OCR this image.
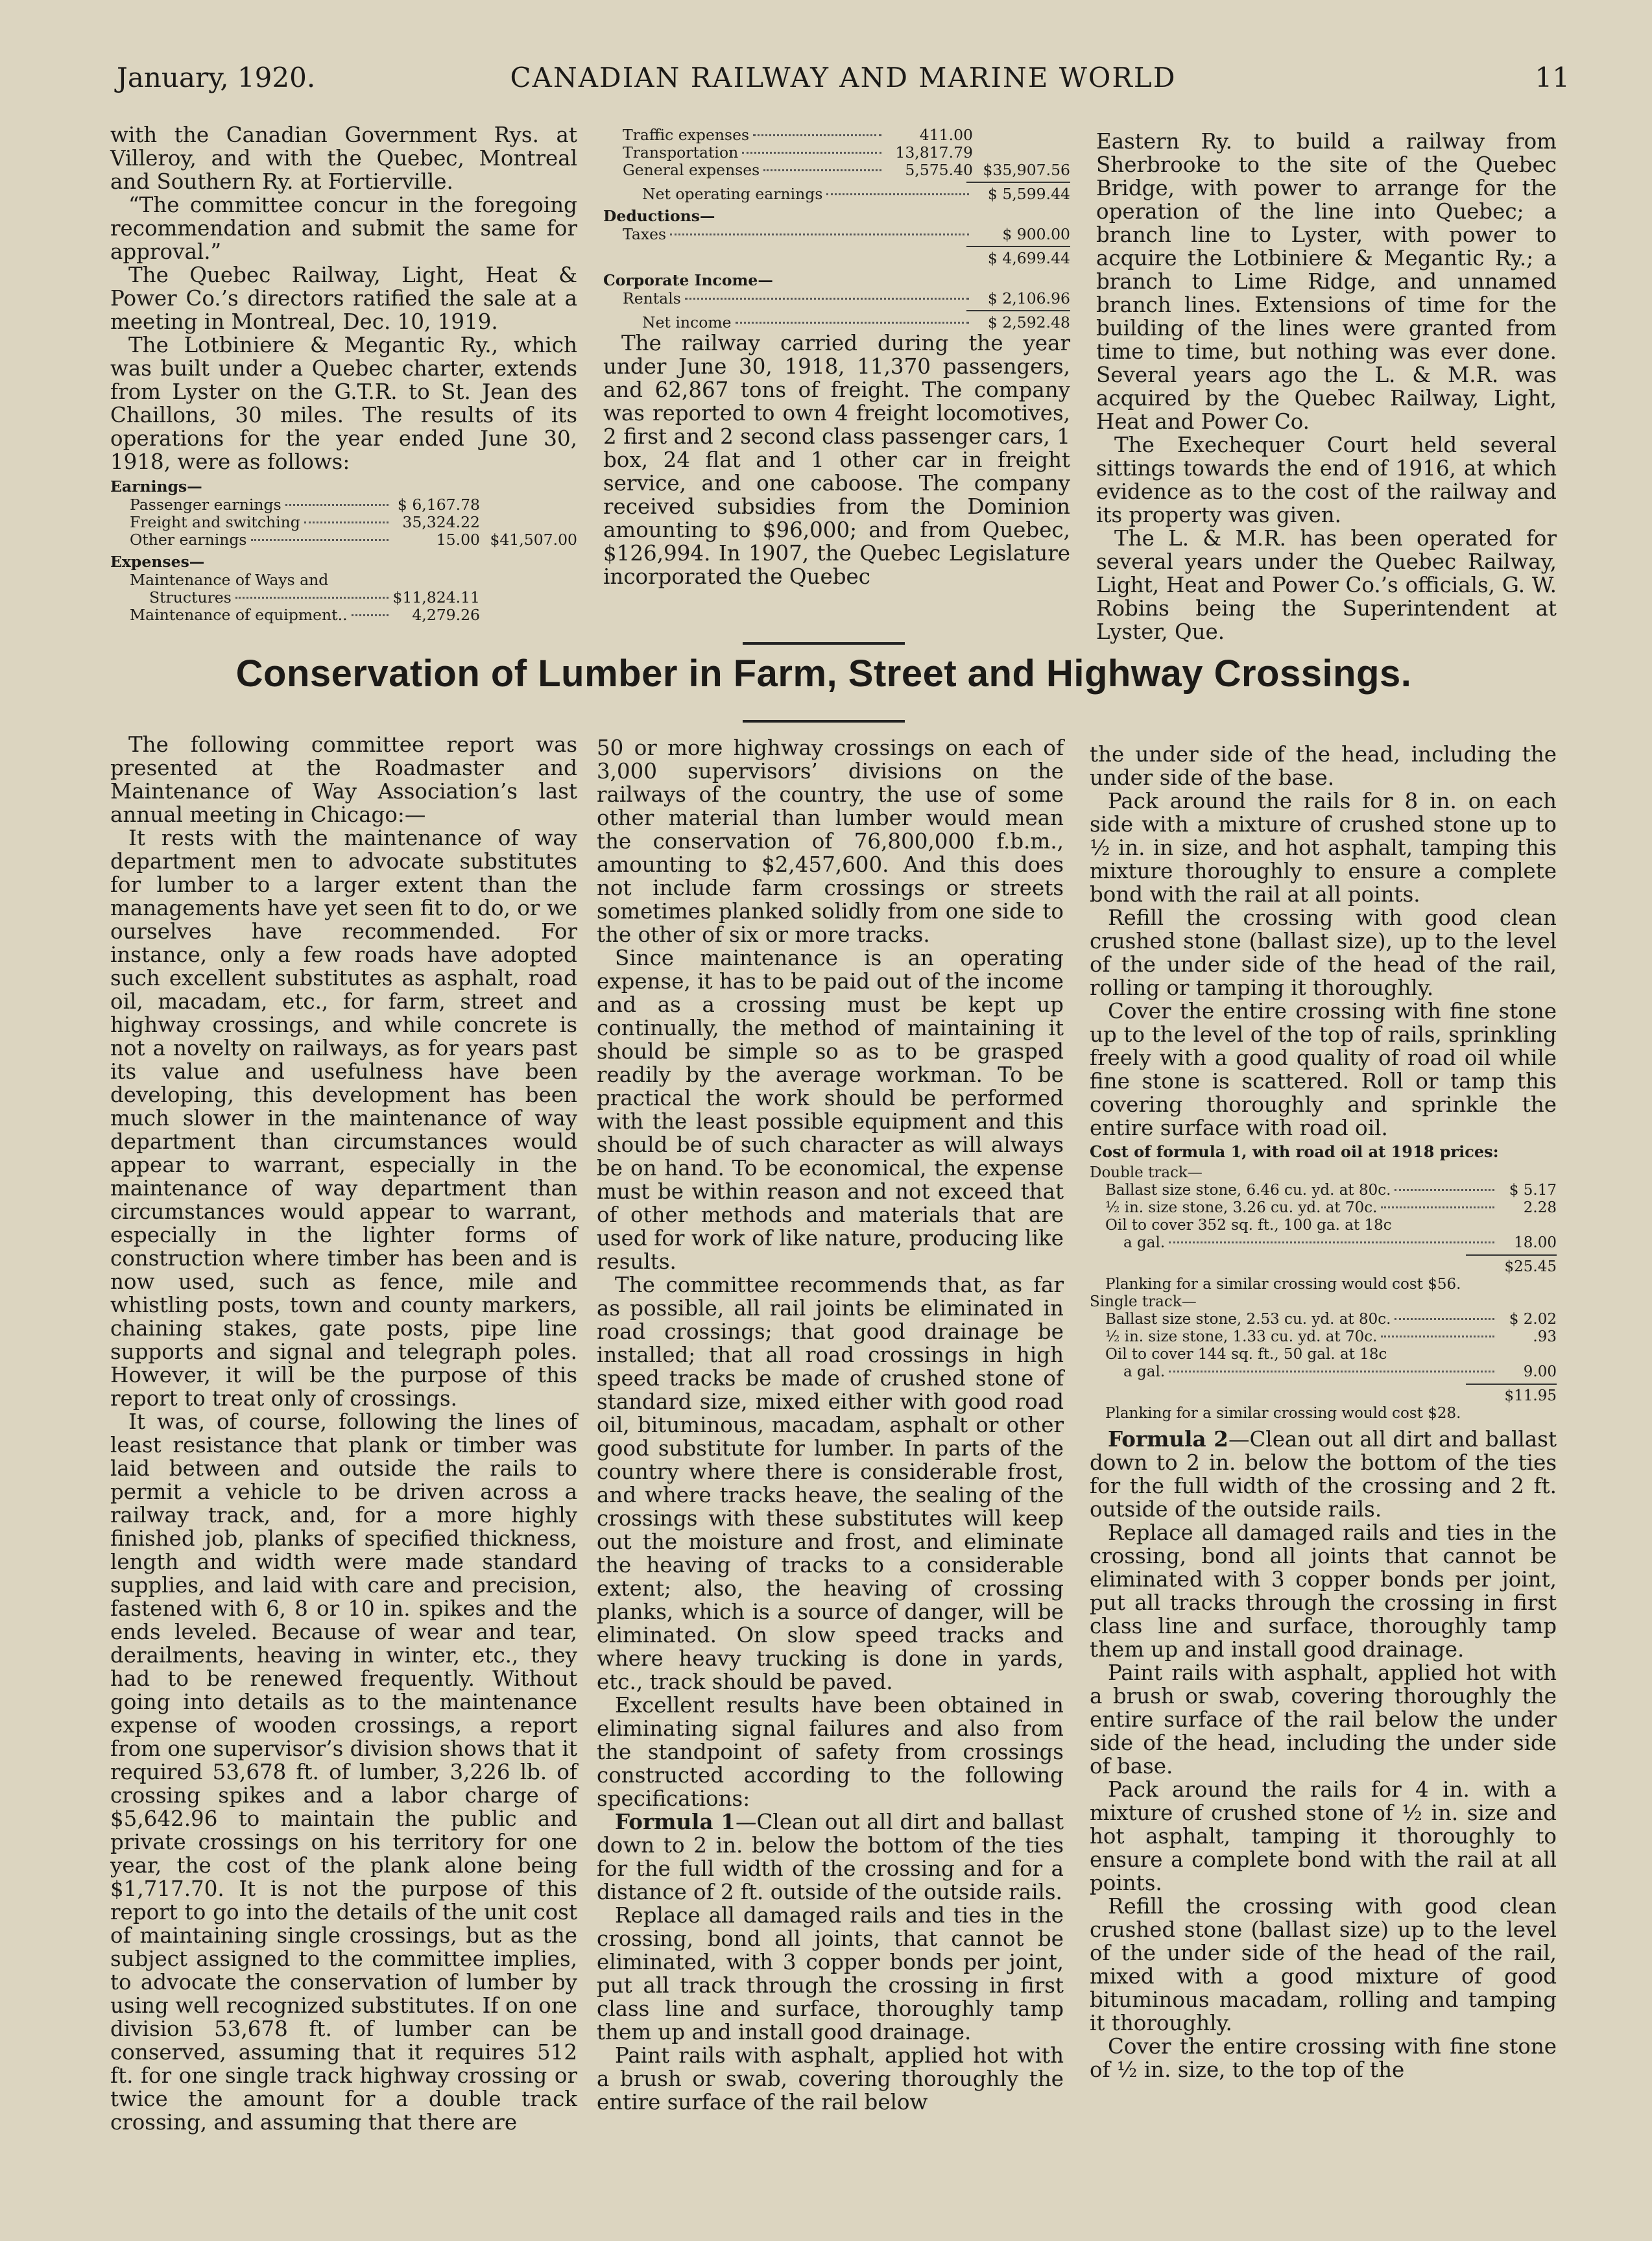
January, 1920.	CANADIAN RAILWAY AND MARINE WORLD	11

with the Canadian Government Rys. at Villeroy, and with the Quebec, Montreal and Southern Ry. at Fortierville.

“The committee concur in the foregoing recommendation and submit the same for approval.”

The Quebec Railway, Light, Heat & Power Co.’s directors ratified the sale at a meeting in Montreal, Dec. 10, 1919.

The Lotbiniere & Megantic Ry., which was built under a Quebec charter, extends from Lyster on the G.T.R. to St. Jean des Chaillons, 30 miles. The results of its operations for the year ended June 30, 1918, were as follows:

Earnings—
Passenger earnings	$ 6,167.78
Freight and switching	35,324.22
Other earnings	15.00 $41,507.00
Expenses—
Maintenance of Ways and
Structures	$11,824.11
Maintenance of equipment..	4,279.26
Traffic expenses	411.00
Transportation	13,817.79
General expenses	5,575.40 $35,907.56
Net operating earnings	$ 5,599.44
Deductions—
Taxes	$ 900.00
$ 4,699.44
Corporate Income—
Rentals	$ 2,106.96
Net income	$ 2,592.48

The railway carried during the year under June 30, 1918, 11,370 passengers, and 62,867 tons of freight. The company was reported to own 4 freight locomotives, 2 first and 2 second class passenger cars, 1 box, 24 flat and 1 other car in freight service, and one caboose. The company received subsidies from the Dominion amounting to $96,000; and from Quebec, $126,994. In 1907, the Quebec Legislature incorporated the Quebec

Eastern Ry. to build a railway from Sherbrooke to the site of the Quebec Bridge, with power to arrange for the operation of the line into Quebec; a branch line to Lyster, with power to acquire the Lotbiniere & Megantic Ry.; a branch to Lime Ridge, and unnamed branch lines. Extensions of time for the building of the lines were granted from time to time, but nothing was ever done. Several years ago the L. & M.R. was acquired by the Quebec Railway, Light, Heat and Power Co.

The Exechequer Court held several sittings towards the end of 1916, at which evidence as to the cost of the railway and its property was given.

The L. & M.R. has been operated for several years under the Quebec Railway, Light, Heat and Power Co.’s officials, G. W. Robins being the Superintendent at Lyster, Que.

Conservation of Lumber in Farm, Street and Highway Crossings.

The following committee report was presented at the Roadmaster and Maintenance of Way Association’s last annual meeting in Chicago:—

It rests with the maintenance of way department men to advocate substitutes for lumber to a larger extent than the managements have yet seen fit to do, or we ourselves have recommended. For instance, only a few roads have adopted such excellent substitutes as asphalt, road oil, macadam, etc., for farm, street and highway crossings, and while concrete is not a novelty on railways, as for years past its value and usefulness have been developing, this development has been much slower in the maintenance of way department than circumstances would appear to warrant, especially in the maintenance of way department than circumstances would appear to warrant, especially in the lighter forms of construction where timber has been and is now used, such as fence, mile and whistling posts, town and county markers, chaining stakes, gate posts, pipe line supports and signal and telegraph poles. However, it will be the purpose of this report to treat only of crossings.

It was, of course, following the lines of least resistance that plank or timber was laid between and outside the rails to permit a vehicle to be driven across a railway track, and, for a more highly finished job, planks of specified thickness, length and width were made standard supplies, and laid with care and precision, fastened with 6, 8 or 10 in. spikes and the ends leveled. Because of wear and tear, derailments, heaving in winter, etc., they had to be renewed frequently. Without going into details as to the maintenance expense of wooden crossings, a report from one supervisor’s division shows that it required 53,678 ft. of lumber, 3,226 lb. of crossing spikes and a labor charge of $5,642.96 to maintain the public and private crossings on his territory for one year, the cost of the plank alone being $1,717.70. It is not the purpose of this report to go into the details of the unit cost of maintaining single crossings, but as the subject assigned to the committee implies, to advocate the conservation of lumber by using well recognized substitutes. If on one division 53,678 ft. of lumber can be conserved, assuming that it requires 512 ft. for one single track highway crossing or twice the amount for a double track crossing, and assuming that there are

50 or more highway crossings on each of 3,000 supervisors’ divisions on the railways of the country, the use of some other material than lumber would mean the conservation of 76,800,000 f.b.m., amounting to $2,457,600. And this does not include farm crossings or streets sometimes planked solidly from one side to the other of six or more tracks.

Since maintenance is an operating expense, it has to be paid out of the income and as a crossing must be kept up continually, the method of maintaining it should be simple so as to be grasped readily by the average workman. To be practical the work should be performed with the least possible equipment and this should be of such character as will always be on hand. To be economical, the expense must be within reason and not exceed that of other methods and materials that are used for work of like nature, producing like results.

The committee recommends that, as far as possible, all rail joints be eliminated in road crossings; that good drainage be installed; that all road crossings in high speed tracks be made of crushed stone of standard size, mixed either with good road oil, bituminous, macadam, asphalt or other good substitute for lumber. In parts of the country where there is considerable frost, and where tracks heave, the sealing of the crossings with these substitutes will keep out the moisture and frost, and eliminate the heaving of tracks to a considerable extent; also, the heaving of crossing planks, which is a source of danger, will be eliminated. On slow speed tracks and where heavy trucking is done in yards, etc., track should be paved.

Excellent results have been obtained in eliminating signal failures and also from the standpoint of safety from crossings constructed according to the following specifications:

Formula 1—Clean out all dirt and ballast down to 2 in. below the bottom of the ties for the full width of the crossing and for a distance of 2 ft. outside of the outside rails.

Replace all damaged rails and ties in the crossing, bond all joints, that cannot be eliminated, with 3 copper bonds per joint, put all track through the crossing in first class line and surface, thoroughly tamp them up and install good drainage.

Paint rails with asphalt, applied hot with a brush or swab, covering thoroughly the entire surface of the rail below

the under side of the head, including the under side of the base.

Pack around the rails for 8 in. on each side with a mixture of crushed stone up to ½ in. in size, and hot asphalt, tamping this mixture thoroughly to ensure a complete bond with the rail at all points.

Refill the crossing with good clean crushed stone (ballast size), up to the level of the under side of the head of the rail, rolling or tamping it thoroughly.

Cover the entire crossing with fine stone up to the level of the top of rails, sprinkling freely with a good quality of road oil while fine stone is scattered. Roll or tamp this covering thoroughly and sprinkle the entire surface with road oil.

Cost of formula 1, with road oil at 1918 prices:
Double track—
Ballast size stone, 6.46 cu. yd. at 80c.	$ 5.17
½ in. size stone, 3.26 cu. yd. at 70c.	2.28
Oil to cover 352 sq. ft., 100 ga. at 18c
a gal.	18.00
$25.45
Planking for a similar crossing would cost $56.
Single track—
Ballast size stone, 2.53 cu. yd. at 80c.	$ 2.02
½ in. size stone, 1.33 cu. yd. at 70c.	.93
Oil to cover 144 sq. ft., 50 gal. at 18c
a gal.	9.00
$11.95
Planking for a similar crossing would cost $28.

Formula 2—Clean out all dirt and ballast down to 2 in. below the bottom of the ties for the full width of the crossing and 2 ft. outside of the outside rails.

Replace all damaged rails and ties in the crossing, bond all joints that cannot be eliminated with 3 copper bonds per joint, put all tracks through the crossing in first class line and surface, thoroughly tamp them up and install good drainage.

Paint rails with asphalt, applied hot with a brush or swab, covering thoroughly the entire surface of the rail below the under side of the head, including the under side of base.

Pack around the rails for 4 in. with a mixture of crushed stone of ½ in. size and hot asphalt, tamping it thoroughly to ensure a complete bond with the rail at all points.

Refill the crossing with good clean crushed stone (ballast size) up to the level of the under side of the head of the rail, mixed with a good mixture of good bituminous macadam, rolling and tamping it thoroughly.

Cover the entire crossing with fine stone of ½ in. size, to the top of the
